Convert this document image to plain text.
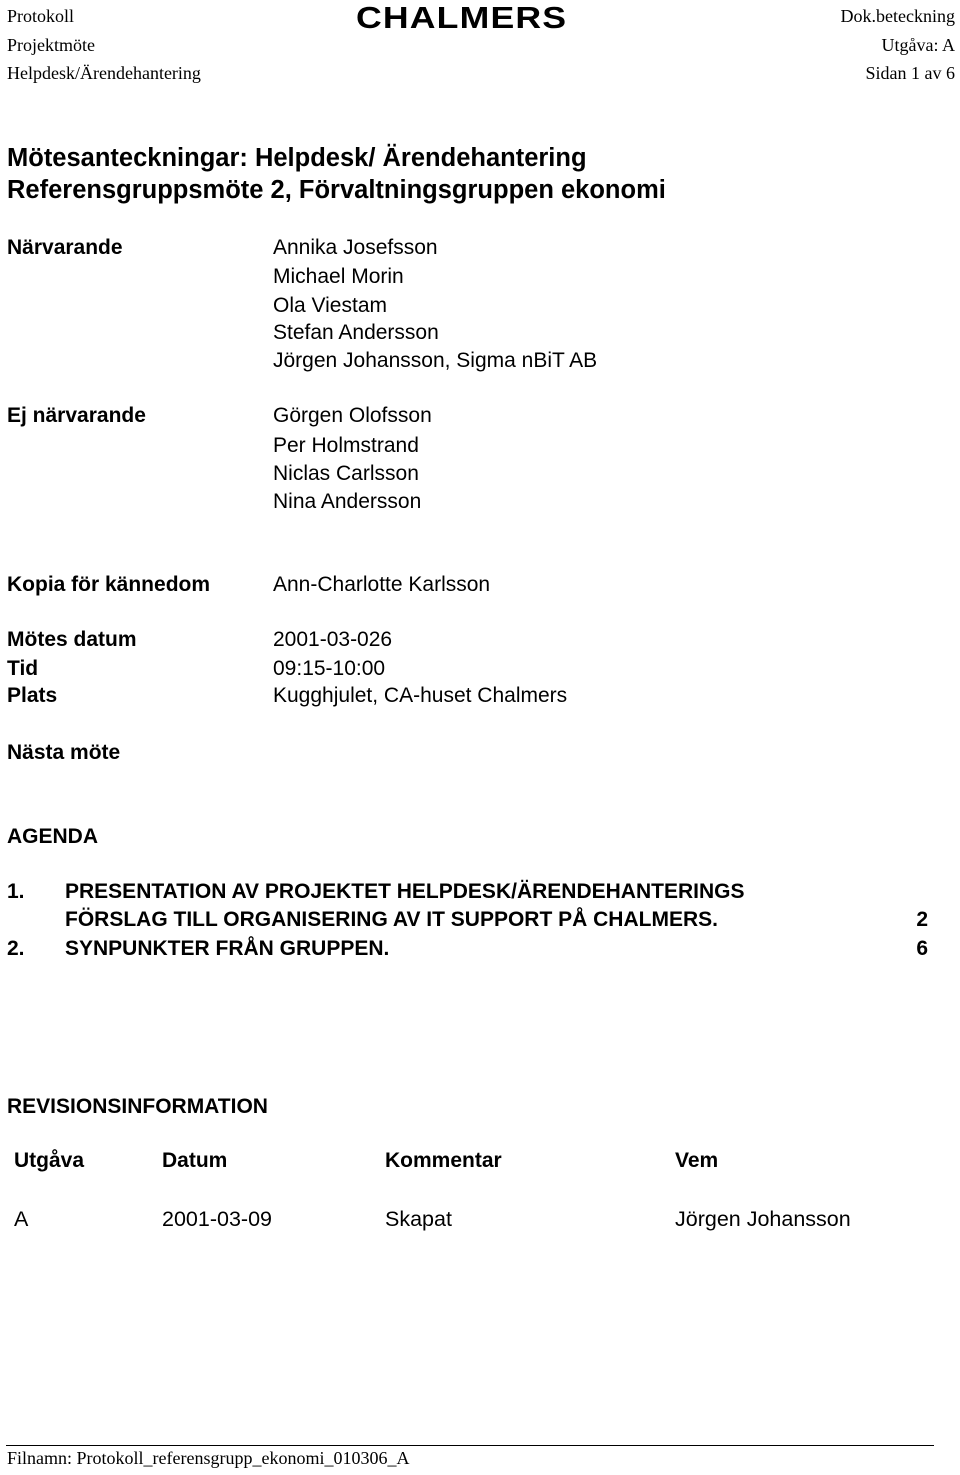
Protokoll
Projektmöte
Helpdesk/Ärendehantering
CHALMERS	Dok.beteckning
Utgåva: A
Sidan 1 av 6
Mötesanteckningar: Helpdesk/ Ärendehantering
Referensgruppsmöte 2, Förvaltningsgruppen ekonomi
Närvarande	Annika Josefsson
Michael Morin
Ola Viestam
Stefan Andersson
Jörgen Johansson, Sigma nBiT AB
Ej närvarande	Görgen Olofsson
Per Holmstrand
Niclas Carlsson
Nina Andersson
Kopia för kännedom	Ann-Charlotte Karlsson
Mötes datum	2001-03-026
Tid	09:15-10:00
Plats	Kugghjulet, CA-huset Chalmers
Nästa möte
AGENDA
1. PRESENTATION AV PROJEKTET HELPDESK/ÄRENDEHANTERINGS
FÖRSLAG TILL ORGANISERING AV IT SUPPORT PÅ CHALMERS.	2
2. SYNPUNKTER FRÅN GRUPPEN.	6
REVISIONSINFORMATION
Utgåva	Datum	Kommentar	Vem
A	2001-03-09	Skapat	Jörgen Johansson
Filnamn: Protokoll_referensgrupp_ekonomi_010306_A
